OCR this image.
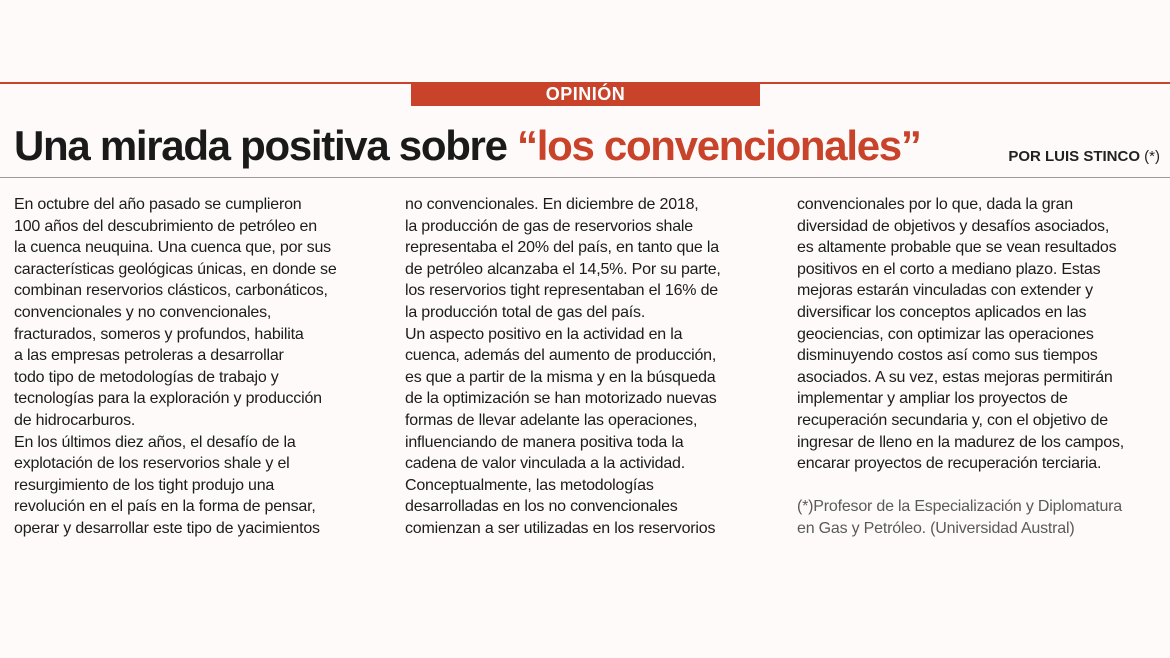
OPINIÓN
Una mirada positiva sobre “los convencionales”	POR LUIS STINCO (*)
En octubre del año pasado se cumplieron
100 años del descubrimiento de petróleo en
la cuenca neuquina. Una cuenca que, por sus
características geológicas únicas, en donde se
combinan reservorios clásticos, carbonáticos,
convencionales y no convencionales,
fracturados, someros y profundos, habilita
a las empresas petroleras a desarrollar
todo tipo de metodologías de trabajo y
tecnologías para la exploración y producción
de hidrocarburos.
En los últimos diez años, el desafío de la
explotación de los reservorios shale y el
resurgimiento de los tight produjo una
revolución en el país en la forma de pensar,
operar y desarrollar este tipo de yacimientos
no convencionales. En diciembre de 2018,
la producción de gas de reservorios shale
representaba el 20% del país, en tanto que la
de petróleo alcanzaba el 14,5%. Por su parte,
los reservorios tight representaban el 16% de
la producción total de gas del país.
Un aspecto positivo en la actividad en la
cuenca, además del aumento de producción,
es que a partir de la misma y en la búsqueda
de la optimización se han motorizado nuevas
formas de llevar adelante las operaciones,
influenciando de manera positiva toda la
cadena de valor vinculada a la actividad.
Conceptualmente, las metodologías
desarrolladas en los no convencionales
comienzan a ser utilizadas en los reservorios
convencionales por lo que, dada la gran
diversidad de objetivos y desafíos asociados,
es altamente probable que se vean resultados
positivos en el corto a mediano plazo. Estas
mejoras estarán vinculadas con extender y
diversificar los conceptos aplicados en las
geociencias, con optimizar las operaciones
disminuyendo costos así como sus tiempos
asociados. A su vez, estas mejoras permitirán
implementar y ampliar los proyectos de
recuperación secundaria y, con el objetivo de
ingresar de lleno en la madurez de los campos,
encarar proyectos de recuperación terciaria.
(*)Profesor de la Especialización y Diplomatura
en Gas y Petróleo. (Universidad Austral)
